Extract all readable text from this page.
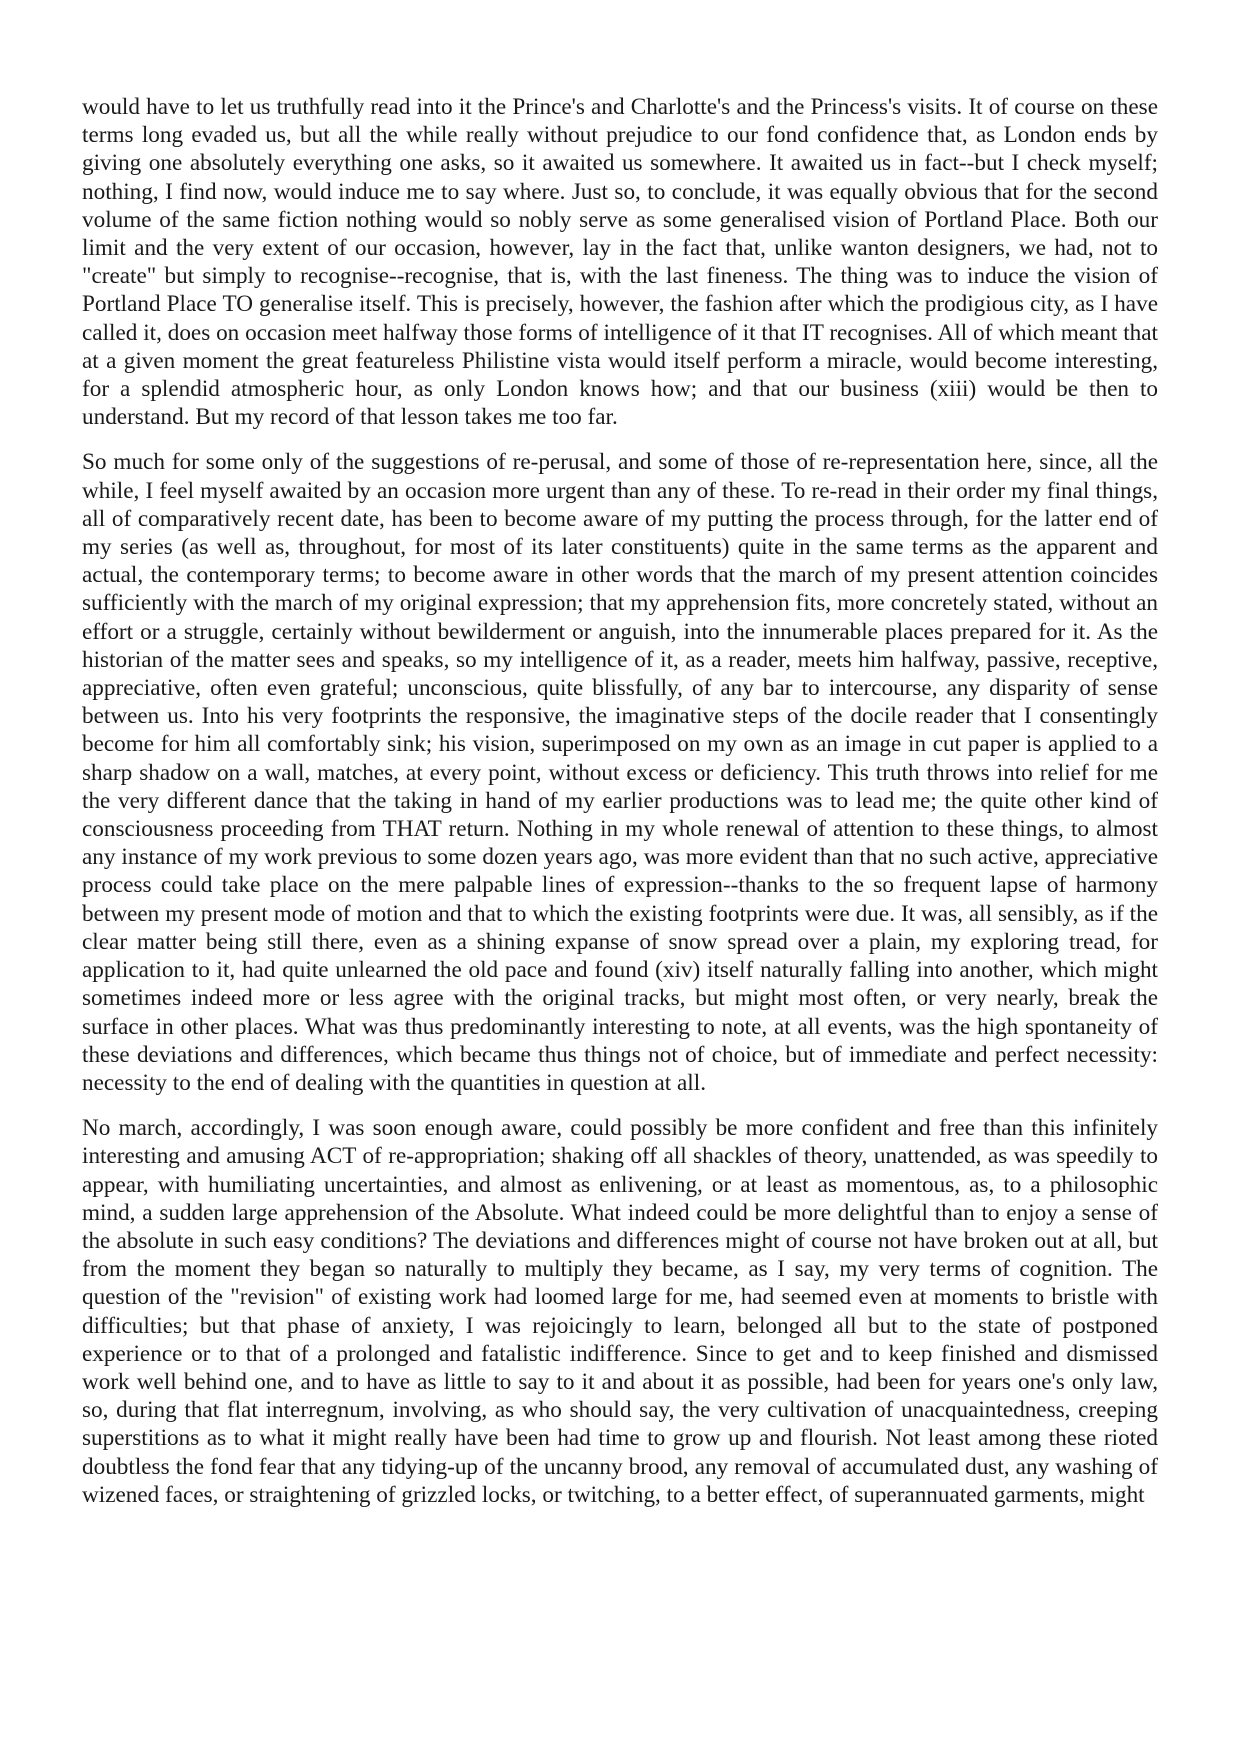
would have to let us truthfully read into it the Prince's and Charlotte's and the Princess's visits. It of course on these terms long evaded us, but all the while really without prejudice to our fond confidence that, as London ends by giving one absolutely everything one asks, so it awaited us somewhere. It awaited us in fact--but I check myself; nothing, I find now, would induce me to say where. Just so, to conclude, it was equally obvious that for the second volume of the same fiction nothing would so nobly serve as some generalised vision of Portland Place. Both our limit and the very extent of our occasion, however, lay in the fact that, unlike wanton designers, we had, not to "create" but simply to recognise--recognise, that is, with the last fineness. The thing was to induce the vision of Portland Place TO generalise itself. This is precisely, however, the fashion after which the prodigious city, as I have called it, does on occasion meet halfway those forms of intelligence of it that IT recognises. All of which meant that at a given moment the great featureless Philistine vista would itself perform a miracle, would become interesting, for a splendid atmospheric hour, as only London knows how; and that our business (xiii) would be then to understand. But my record of that lesson takes me too far.

So much for some only of the suggestions of re-perusal, and some of those of re-representation here, since, all the while, I feel myself awaited by an occasion more urgent than any of these. To re-read in their order my final things, all of comparatively recent date, has been to become aware of my putting the process through, for the latter end of my series (as well as, throughout, for most of its later constituents) quite in the same terms as the apparent and actual, the contemporary terms; to become aware in other words that the march of my present attention coincides sufficiently with the march of my original expression; that my apprehension fits, more concretely stated, without an effort or a struggle, certainly without bewilderment or anguish, into the innumerable places prepared for it. As the historian of the matter sees and speaks, so my intelligence of it, as a reader, meets him halfway, passive, receptive, appreciative, often even grateful; unconscious, quite blissfully, of any bar to intercourse, any disparity of sense between us. Into his very footprints the responsive, the imaginative steps of the docile reader that I consentingly become for him all comfortably sink; his vision, superimposed on my own as an image in cut paper is applied to a sharp shadow on a wall, matches, at every point, without excess or deficiency. This truth throws into relief for me the very different dance that the taking in hand of my earlier productions was to lead me; the quite other kind of consciousness proceeding from THAT return. Nothing in my whole renewal of attention to these things, to almost any instance of my work previous to some dozen years ago, was more evident than that no such active, appreciative process could take place on the mere palpable lines of expression--thanks to the so frequent lapse of harmony between my present mode of motion and that to which the existing footprints were due. It was, all sensibly, as if the clear matter being still there, even as a shining expanse of snow spread over a plain, my exploring tread, for application to it, had quite unlearned the old pace and found (xiv) itself naturally falling into another, which might sometimes indeed more or less agree with the original tracks, but might most often, or very nearly, break the surface in other places. What was thus predominantly interesting to note, at all events, was the high spontaneity of these deviations and differences, which became thus things not of choice, but of immediate and perfect necessity: necessity to the end of dealing with the quantities in question at all.

No march, accordingly, I was soon enough aware, could possibly be more confident and free than this infinitely interesting and amusing ACT of re-appropriation; shaking off all shackles of theory, unattended, as was speedily to appear, with humiliating uncertainties, and almost as enlivening, or at least as momentous, as, to a philosophic mind, a sudden large apprehension of the Absolute. What indeed could be more delightful than to enjoy a sense of the absolute in such easy conditions? The deviations and differences might of course not have broken out at all, but from the moment they began so naturally to multiply they became, as I say, my very terms of cognition. The question of the "revision" of existing work had loomed large for me, had seemed even at moments to bristle with difficulties; but that phase of anxiety, I was rejoicingly to learn, belonged all but to the state of postponed experience or to that of a prolonged and fatalistic indifference. Since to get and to keep finished and dismissed work well behind one, and to have as little to say to it and about it as possible, had been for years one's only law, so, during that flat interregnum, involving, as who should say, the very cultivation of unacquaintedness, creeping superstitions as to what it might really have been had time to grow up and flourish. Not least among these rioted doubtless the fond fear that any tidying-up of the uncanny brood, any removal of accumulated dust, any washing of wizened faces, or straightening of grizzled locks, or twitching, to a better effect, of superannuated garments, might
